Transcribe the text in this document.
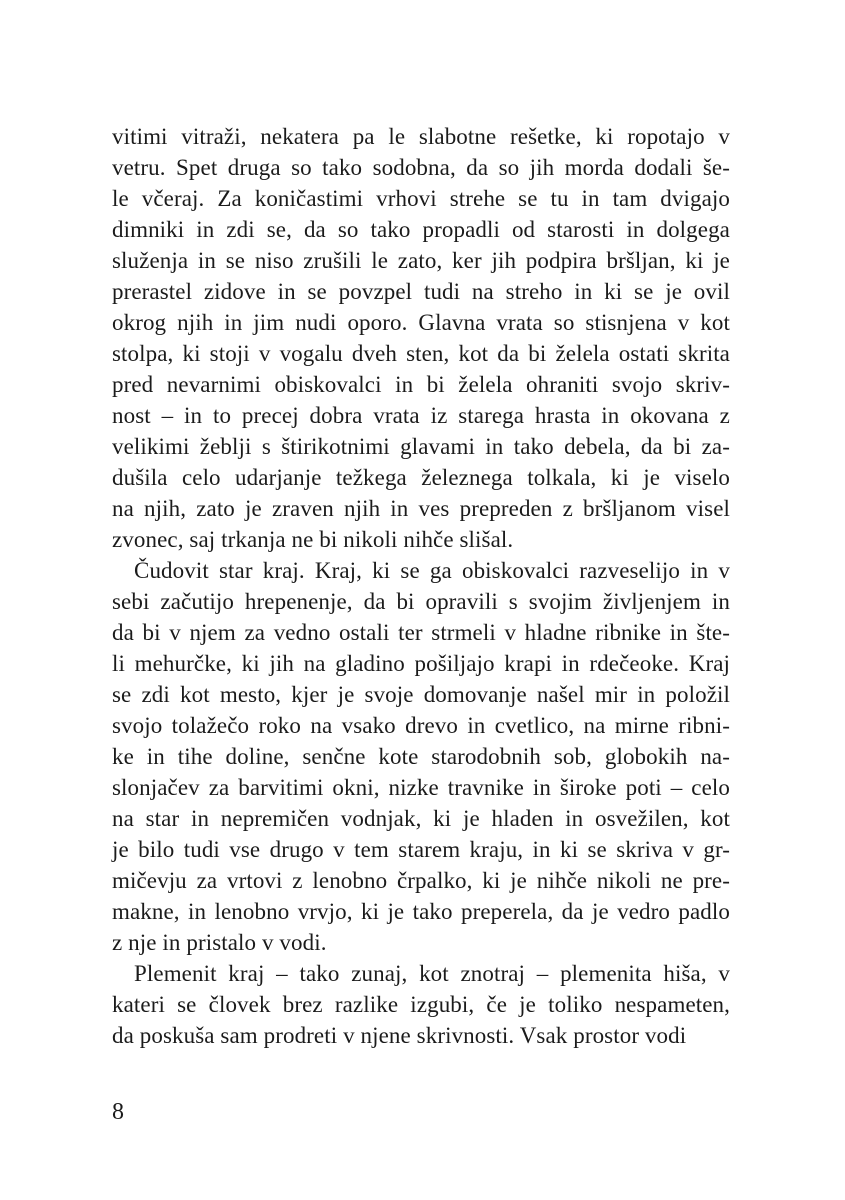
vitimi vitraži, nekatera pa le slabotne rešetke, ki ropotajo v
vetru. Spet druga so tako sodobna, da so jih morda dodali še-
le včeraj. Za koničastimi vrhovi strehe se tu in tam dvigajo
dimniki in zdi se, da so tako propadli od starosti in dolgega
služenja in se niso zrušili le zato, ker jih podpira bršljan, ki je
prerastel zidove in se povzpel tudi na streho in ki se je ovil
okrog njih in jim nudi oporo. Glavna vrata so stisnjena v kot
stolpa, ki stoji v vogalu dveh sten, kot da bi želela ostati skrita
pred nevarnimi obiskovalci in bi želela ohraniti svojo skriv-
nost – in to precej dobra vrata iz starega hrasta in okovana z
velikimi žeblji s štirikotnimi glavami in tako debela, da bi za-
dušila celo udarjanje težkega železnega tolkala, ki je viselo
na njih, zato je zraven njih in ves prepreden z bršljanom visel
zvonec, saj trkanja ne bi nikoli nihče slišal.

Čudovit star kraj. Kraj, ki se ga obiskovalci razveselijo in v
sebi začutijo hrepenenje, da bi opravili s svojim življenjem in
da bi v njem za vedno ostali ter strmeli v hladne ribnike in šte-
li mehurčke, ki jih na gladino pošiljajo krapi in rdečeoke. Kraj
se zdi kot mesto, kjer je svoje domovanje našel mir in položil
svojo tolažečo roko na vsako drevo in cvetlico, na mirne ribni-
ke in tihe doline, senčne kote starodobnih sob, globokih na-
slonjačev za barvitimi okni, nizke travnike in široke poti – celo
na star in nepremičen vodnjak, ki je hladen in osvežilen, kot
je bilo tudi vse drugo v tem starem kraju, in ki se skriva v gr-
mičevju za vrtovi z lenobno črpalko, ki je nihče nikoli ne pre-
makne, in lenobno vrvjo, ki je tako preperela, da je vedro padlo
z nje in pristalo v vodi.

Plemenit kraj – tako zunaj, kot znotraj – plemenita hiša, v
kateri se človek brez razlike izgubi, če je toliko nespameten,
da poskuša sam prodreti v njene skrivnosti. Vsak prostor vodi

8
